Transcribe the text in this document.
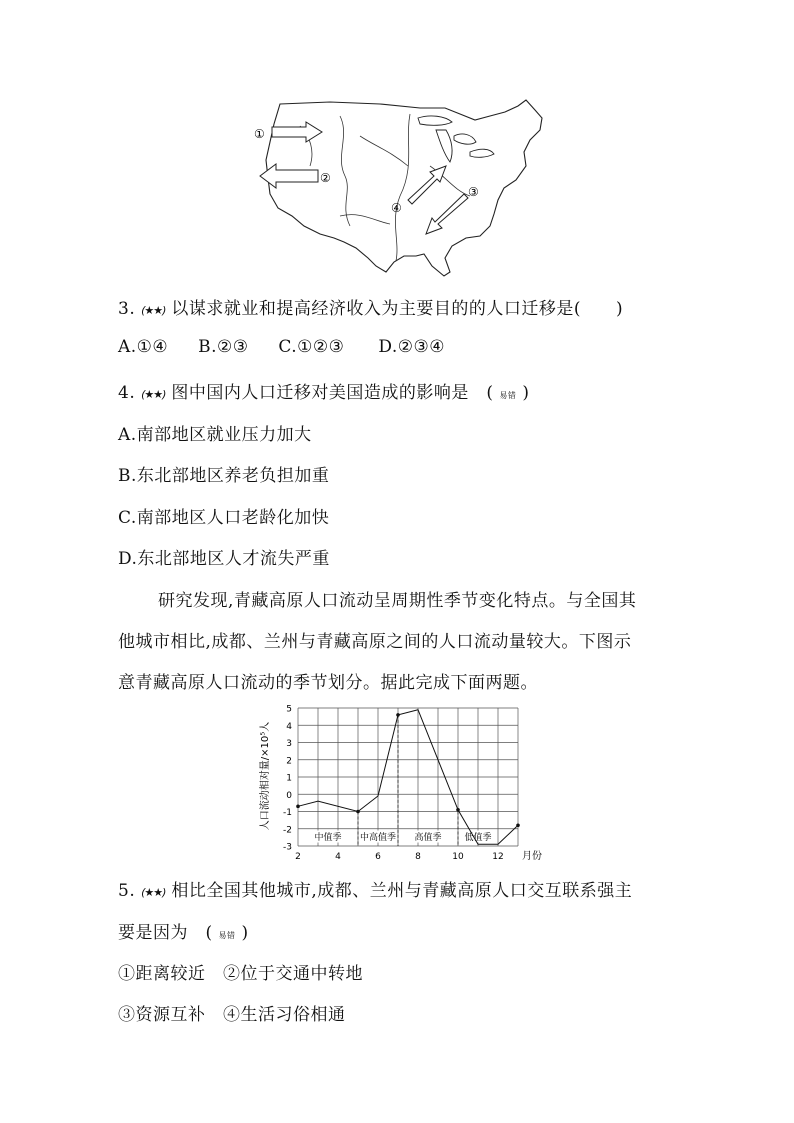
①
②
③
④
3. (★★) 以谋求就业和提高经济收入为主要目的的人口迁移是(　　)
A.①④ B.②③ C.①②③ D.②③④
4. (★★) 图中国内人口迁移对美国造成的影响是　( 易错 )
A.南部地区就业压力加大
B.东北部地区养老负担加重
C.南部地区人口老龄化加快
D.东北部地区人才流失严重
研究发现,青藏高原人口流动呈周期性季节变化特点。与全国其
他城市相比,成都、兰州与青藏高原之间的人口流动量较大。下图示
意青藏高原人口流动的季节划分。据此完成下面两题。
中值季 中高值季 高值季	低值季
5
4
3
2
1
0
-1
-2
-3
2	4	6	8	10	12
人口流动相对量/×10⁵人
月份
5. (★★) 相比全国其他城市,成都、兰州与青藏高原人口交互联系强主
要是因为　( 易错 )
①距离较近　②位于交通中转地
③资源互补　④生活习俗相通
